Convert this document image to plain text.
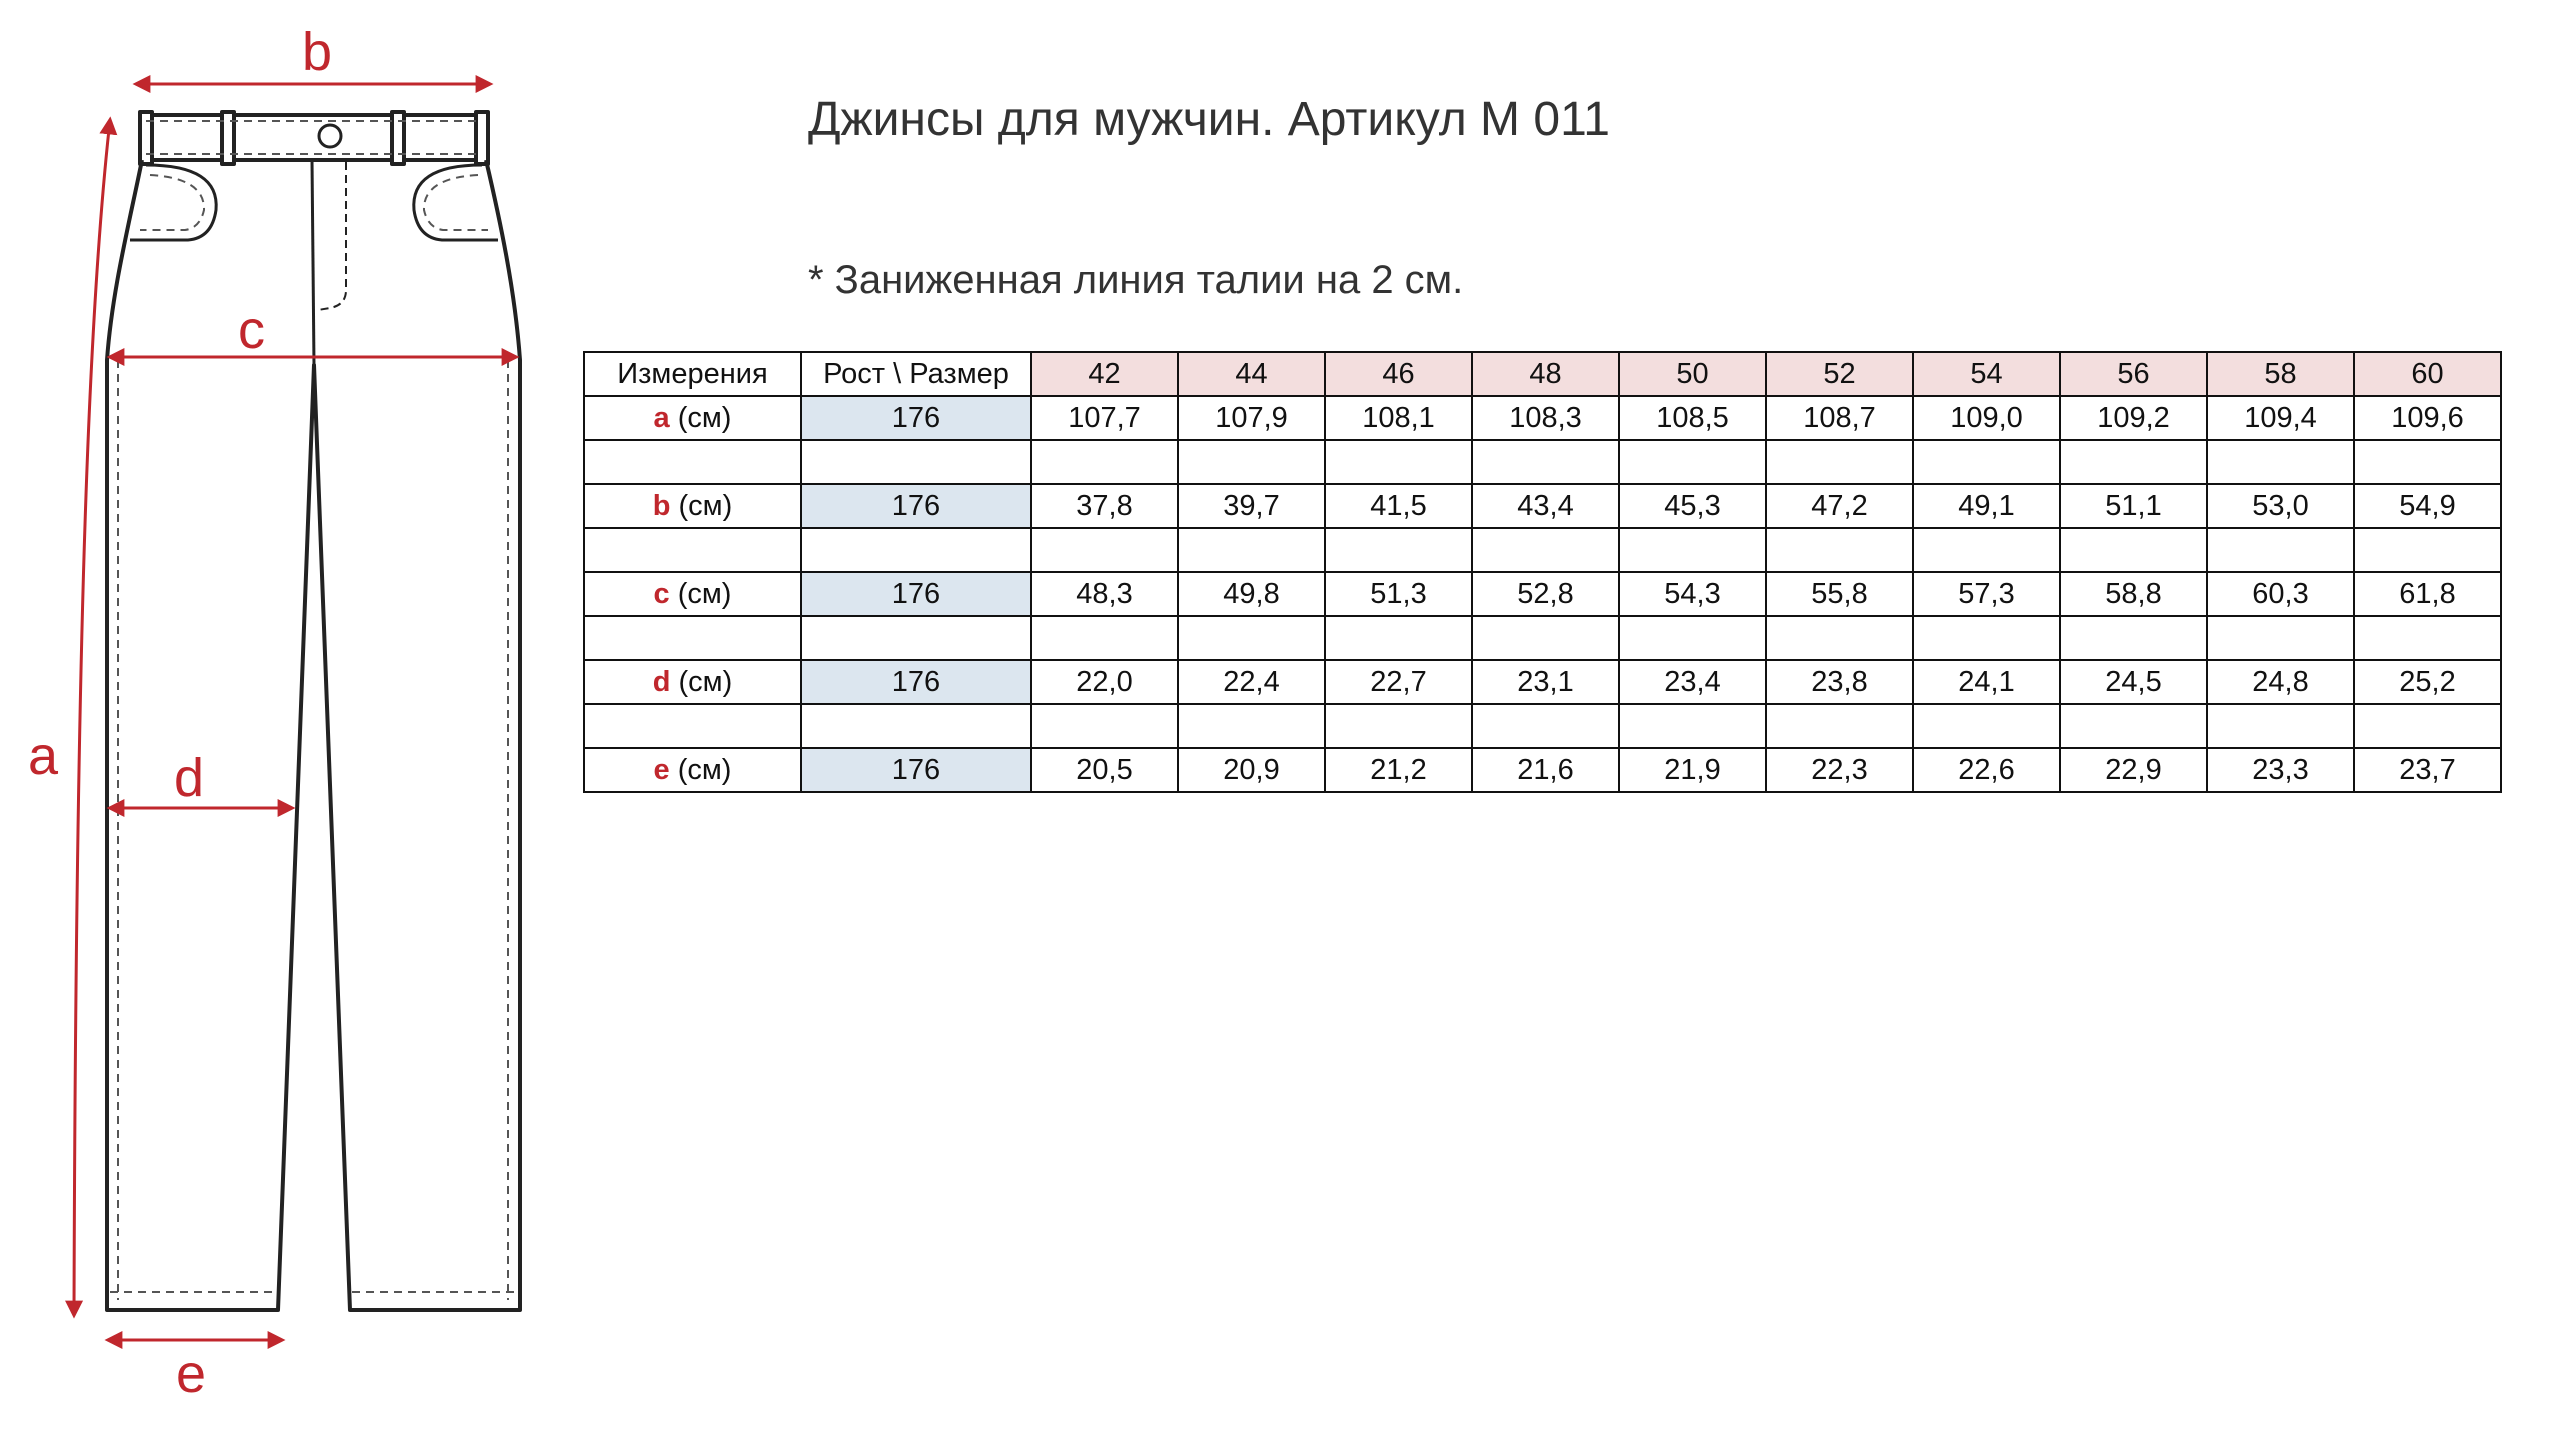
b
c
d
e
a
Джинсы для мужчин. Артикул М 011
* Заниженная линия талии на 2 см.
Измерения	Рост \ Размер	42	44	46	48	50	52	54	56	58	60
a (см)	176	107,7	107,9	108,1	108,3	108,5	108,7	109,0	109,2	109,4	109,6

b (см)	176	37,8	39,7	41,5	43,4	45,3	47,2	49,1	51,1	53,0	54,9

c (см)	176	48,3	49,8	51,3	52,8	54,3	55,8	57,3	58,8	60,3	61,8

d (см)	176	22,0	22,4	22,7	23,1	23,4	23,8	24,1	24,5	24,8	25,2

e (см)	176	20,5	20,9	21,2	21,6	21,9	22,3	22,6	22,9	23,3	23,7
